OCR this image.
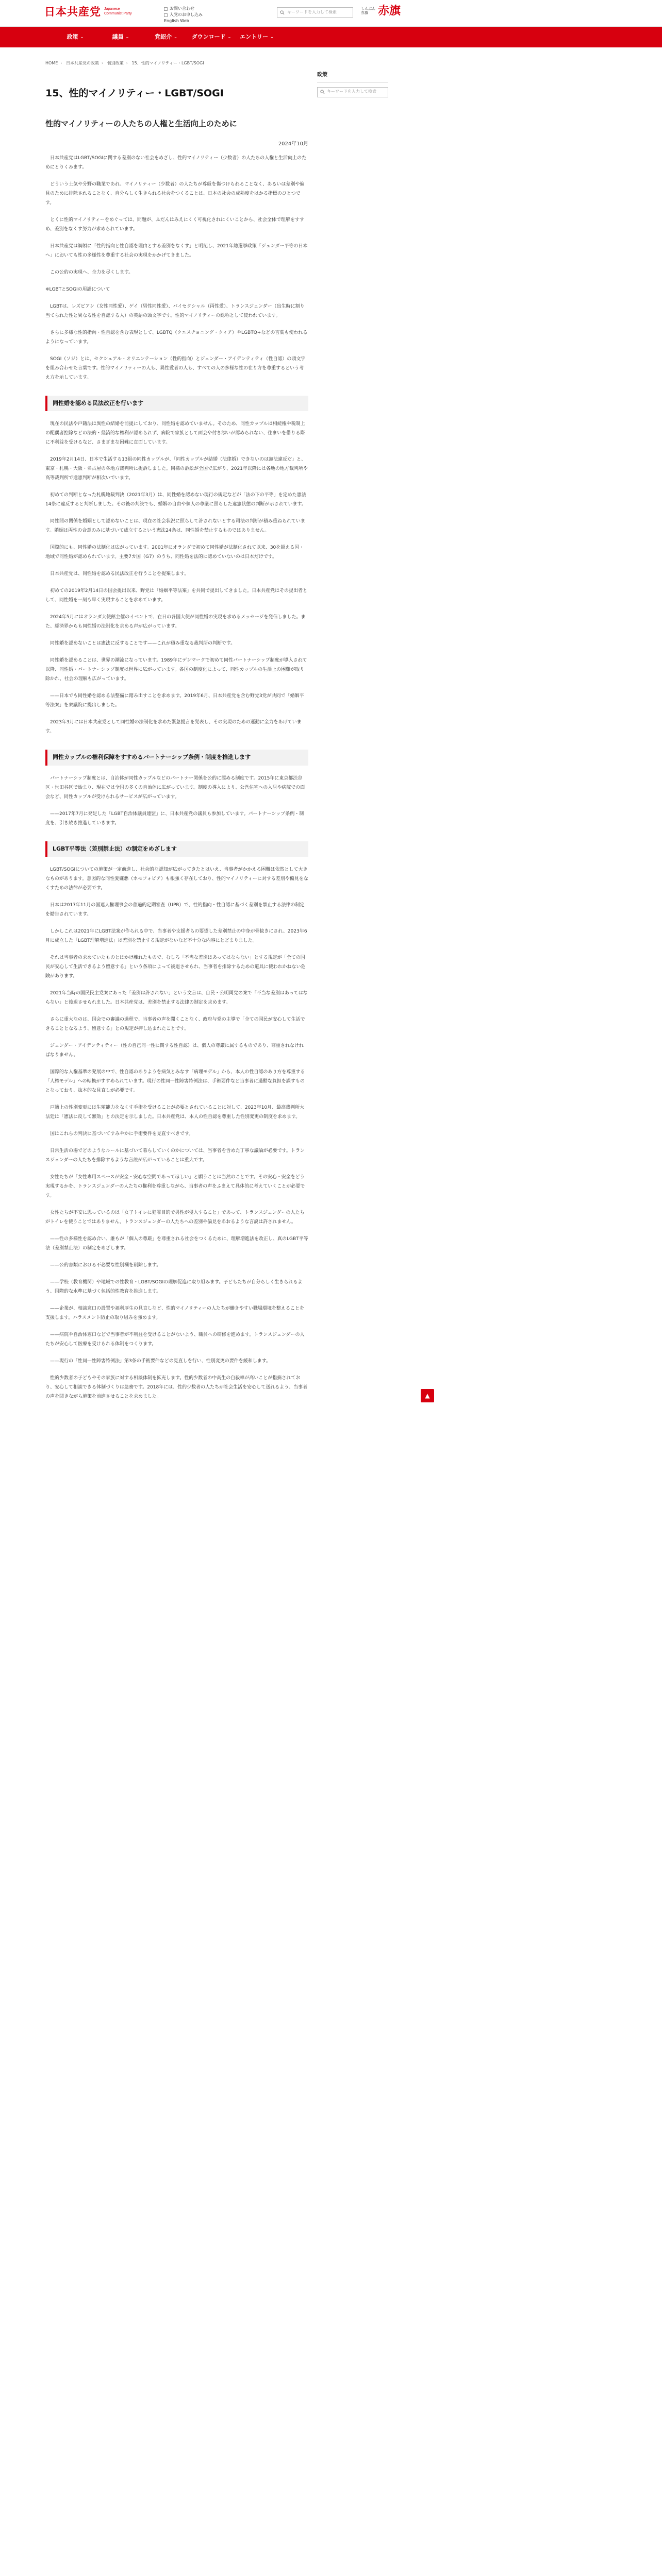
日本共産党 Japanese
Communist Party
お問い合わせ
入党のお申し込み
English Web
キーワードを入力して検索
しんぶん
赤旗 赤旗
政策 ⌄	議員 ⌄	党紹介 ⌄	ダウンロード ⌄ エントリー ⌄
HOME › 日本共産党の政策 › 個別政策 › 15、性的マイノリティー・LGBT/SOGI
15、性的マイノリティー・LGBT/SOGI
性的マイノリティーの人たちの人権と生活向上のために
2024年10月

日本共産党はLGBT/SOGIに関する差別のない社会をめざし、性的マイノリティー（少数者）の人たちの人権と生活向上のためにとりくみます。

どういう士気や分野の職業であれ、マイノリティー（少数者）の人たちが尊厳を傷つけられることなく、あるいは差別や偏見のために排除されることなく、自分らしく生きられる社会をつくることは、日本の社会の成熟度をはかる指標のひとつです。

とくに性的マイノリティーをめぐっては、問題が、ふだんはみえにくく可視化されにくいことから、社会全体で理解をすすめ、差別をなくす努力が求められています。

日本共産党は綱領に「性的指向と性自認を理由とする差別をなくす」と明記し、2021年総選挙政策「ジェンダー平等の日本へ」においても性の多様性を尊重する社会の実現をかかげてきました。

この公約の実現へ、全力を尽くします。

※LGBTとSOGIの用語について

LGBTは、レズビアン（女性同性愛）、ゲイ（男性同性愛）、バイセクシャル（両性愛）、トランスジェンダー（出生時に割り当てられた性と異なる性を自認する人）の英語の頭文字です。性的マイノリティーの総称として使われています。

さらに多様な性的指向・性自認を含む表現として、LGBTQ（クエスチョニング・クィア）やLGBTQ+などの言葉も使われるようになっています。

SOGI（ソジ）とは、セクシュアル・オリエンテーション（性的指向）とジェンダー・アイデンティティ（性自認）の頭文字を組み合わせた言葉です。性的マイノリティーの人も、異性愛者の人も、すべての人の多様な性の在り方を尊重するという考え方を示しています。

同性婚を認める民法改正を行います

現在の民法や戸籍法は異性の結婚を前提にしており、同性婚を認めていません。そのため、同性カップルは相続権や税制上の配偶者控除などの法的・経済的な権利が認められず、病院で家族として面会や付き添いが認められない、住まいを借りる際に不利益を受けるなど、さまざまな困難に直面しています。

2019年2月14日、日本で生活する13組の同性カップルが、「同性カップルが結婚（法律婚）できないのは憲法違反だ」と、東京・札幌・大阪・名古屋の各地方裁判所に提訴しました。同様の訴訟が全国で広がり、2021年以降には各地の地方裁判所や高等裁判所で違憲判断が相次いでいます。

初めての判断となった札幌地裁判決（2021年3月）は、同性婚を認めない現行の規定などが「法の下の平等」を定めた憲法14条に違反すると判断しました。その後の判決でも、婚姻の自由や個人の尊厳に照らした違憲状態の判断が示されています。

同性間の関係を婚姻として認めないことは、現在の社会状況に照らして許されないとする司法の判断が積み重ねられています。婚姻は両性の合意のみに基づいて成立するという憲法24条は、同性婚を禁止するものではありません。

国際的にも、同性婚の法制化は広がっています。2001年にオランダで初めて同性婚が法制化されて以来、30を超える国・地域で同性婚が認められています。主要7カ国（G7）のうち、同性婚を法的に認めていないのは日本だけです。

日本共産党は、同性婚を認める民法改正を行うことを提案します。

初めての2019年2月14日の国会提出以来、野党は「婚姻平等法案」を共同で提出してきました。日本共産党はその提出者として、同性婚を一刻も早く実現することを求めています。

2024年5月にはオランダ大使館主催のイベントで、在日の各国大使が同性婚の実現を求めるメッセージを発信しました。また、経済界からも同性婚の法制化を求める声が広がっています。

同性婚を認めないことは憲法に反することです——これが積み重なる裁判所の判断です。

同性婚を認めることは、世界の潮流になっています。1989年にデンマークで初めて同性パートナーシップ制度が導入されて以降、同性婚・パートナーシップ制度は世界に広がっています。各国の制度化によって、同性カップルの生活上の困難が取り除かれ、社会の理解も広がっています。

——日本でも同性婚を認める法整備に踏み出すことを求めます。2019年6月、日本共産党を含む野党3党が共同で「婚姻平等法案」を衆議院に提出しました。

2023年3月には日本共産党として同性婚の法制化を求めた緊急提言を発表し、その実現のための運動に全力をあげています。

同性カップルの権利保障をすすめるパートナーシップ条例・制度を推進します

パートナーシップ制度とは、自治体が同性カップルなどのパートナー関係を公的に認める制度です。2015年に東京都渋谷区・世田谷区で始まり、現在では全国の多くの自治体に広がっています。制度の導入により、公営住宅への入居や病院での面会など、同性カップルが受けられるサービスが広がっています。

——2017年7月に発足した「LGBT自治体議員連盟」に、日本共産党の議員も参加しています。パートナーシップ条例・制度を、引き続き推進していきます。

LGBT平等法（差別禁止法）の制定をめざします

LGBT/SOGIについての施策が一定前進し、社会的な認知が広がってきたとはいえ、当事者がかかえる困難は依然として大きなものがあります。意図的な同性愛嫌悪（ホモフォビア）も根強く存在しており、性的マイノリティーに対する差別や偏見をなくすための法律が必要です。

日本は2017年11月の国連人権理事会の普遍的定期審査（UPR）で、性的指向・性自認に基づく差別を禁止する法律の制定を勧告されています。

しかしこれは2021年にLGBT法案が作られる中で、当事者や支援者らの要望した差別禁止の中身が骨抜きにされ、2023年6月に成立した「LGBT理解増進法」は差別を禁止する規定がないなど不十分な内容にとどまりました。

それは当事者の求めていたものとはかけ離れたもので、むしろ「不当な差別はあってはならない」とする規定が「全ての国民が安心して生活できるよう留意する」という条項によって後退させられ、当事者を排除するための道具に使われかねない危険があります。

2021年当時の国民民主党案にあった「差別は許されない」という文言は、自民・公明両党の案で「不当な差別はあってはならない」と後退させられました。日本共産党は、差別を禁止する法律の制定を求めます。

さらに重大なのは、国会での審議の過程で、当事者の声を聞くことなく、政府与党の主導で「全ての国民が安心して生活できることとなるよう、留意する」との規定が押し込まれたことです。

ジェンダー・アイデンティティー（性の自己同一性に関する性自認）は、個人の尊厳に属するものであり、尊重されなければなりません。

国際的な人権基準の発展の中で、性自認のありようを病気とみなす「病理モデル」から、本人の性自認のあり方を尊重する「人権モデル」への転換がすすめられています。現行の性同一性障害特例法は、手術要件など当事者に過酷な負担を課すものとなっており、抜本的な見直しが必要です。

戸籍上の性別変更には生殖能力をなくす手術を受けることが必要とされていることに対して、2023年10月、最高裁判所大法廷は「憲法に反して無効」との決定を示しました。日本共産党は、本人の性自認を尊重した性別変更の制度を求めます。

国はこれらの判決に基づいてすみやかに手術要件を見直すべきです。

日常生活の場でどのようなルールに基づいて暮らしていくのかについては、当事者を含めた丁寧な議論が必要です。トランスジェンダーの人たちを排除するような言説が広がっていることは重大です。

女性たちが「女性専用スペースが安全・安心な空間であってほしい」と願うことは当然のことです。その安心・安全をどう実現するかを、トランスジェンダーの人たちの権利を尊重しながら、当事者の声をふまえて具体的に考えていくことが必要です。

女性たちが不安に思っているのは「女子トイレに犯罪目的で男性が侵入すること」であって、トランスジェンダーの人たちがトイレを使うことではありません。トランスジェンダーの人たちへの差別や偏見をあおるような言説は許されません。

——性の多様性を認め合い、誰もが「個人の尊厳」を尊重される社会をつくるために、理解増進法を改正し、真のLGBT平等法（差別禁止法）の制定をめざします。

——公的書類における不必要な性別欄を削除します。

——学校（教育機関）や地域での性教育・LGBT/SOGIの理解促進に取り組みます。子どもたちが自分らしく生きられるよう、国際的な水準に基づく包括的性教育を推進します。

——企業が、相談窓口の設置や福利厚生の見直しなど、性的マイノリティーの人たちが働きやすい職場環境を整えることを支援します。ハラスメント防止の取り組みを強めます。

——病院や自治体窓口などで当事者が不利益を受けることがないよう、職員への研修を進めます。トランスジェンダーの人たちが安心して医療を受けられる体制をつくります。

——現行の「性同一性障害特例法」第3条の手術要件などの見直しを行い、性別変更の要件を緩和します。

性的少数者の子どもやその家族に対する相談体制を拡充します。性的少数者の中高生の自殺率が高いことが指摘されており、安心して相談できる体制づくりは急務です。2018年には、性的少数者の人たちが社会生活を安心して送れるよう、当事者の声を聞きながら施策を前進させることを求めました。

政策
キーワードを入力して検索
▲
